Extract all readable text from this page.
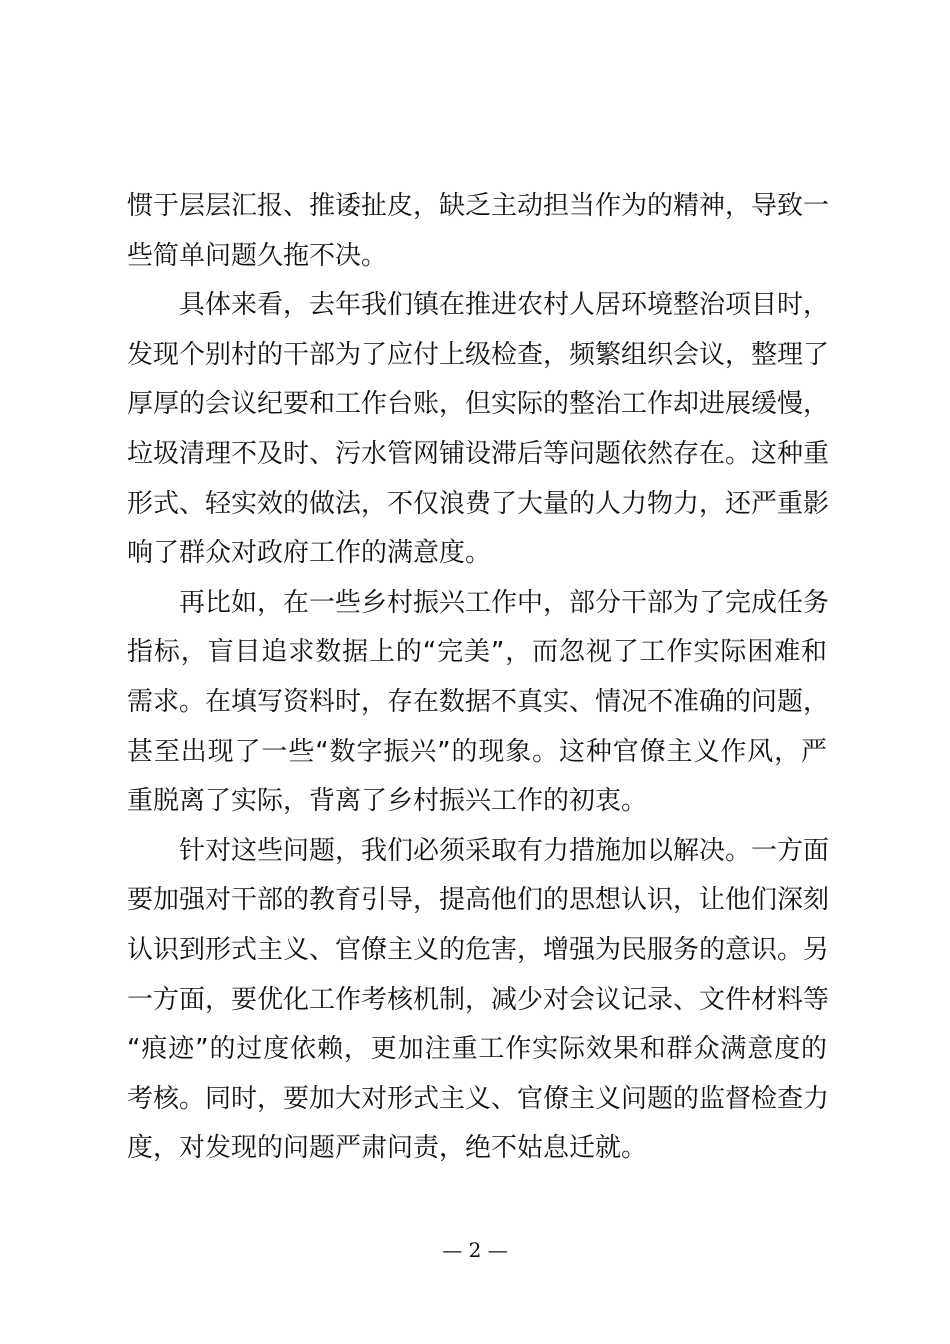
惯于层层汇报、推诿扯皮，缺乏主动担当作为的精神，导致一
些简单问题久拖不决。
具体来看，去年我们镇在推进农村人居环境整治项目时，
发现个别村的干部为了应付上级检查，频繁组织会议，整理了
厚厚的会议纪要和工作台账，但实际的整治工作却进展缓慢，
垃圾清理不及时、污水管网铺设滞后等问题依然存在。这种重
形式、轻实效的做法，不仅浪费了大量的人力物力，还严重影
响了群众对政府工作的满意度。
再比如，在一些乡村振兴工作中，部分干部为了完成任务
指标，盲目追求数据上的“完美”，而忽视了工作实际困难和
需求。在填写资料时，存在数据不真实、情况不准确的问题，
甚至出现了一些“数字振兴”的现象。这种官僚主义作风，严
重脱离了实际，背离了乡村振兴工作的初衷。
针对这些问题，我们必须采取有力措施加以解决。一方面
要加强对干部的教育引导，提高他们的思想认识，让他们深刻
认识到形式主义、官僚主义的危害，增强为民服务的意识。另
一方面，要优化工作考核机制，减少对会议记录、文件材料等
“痕迹”的过度依赖，更加注重工作实际效果和群众满意度的
考核。同时，要加大对形式主义、官僚主义问题的监督检查力
度，对发现的问题严肃问责，绝不姑息迁就。
— 2 —
